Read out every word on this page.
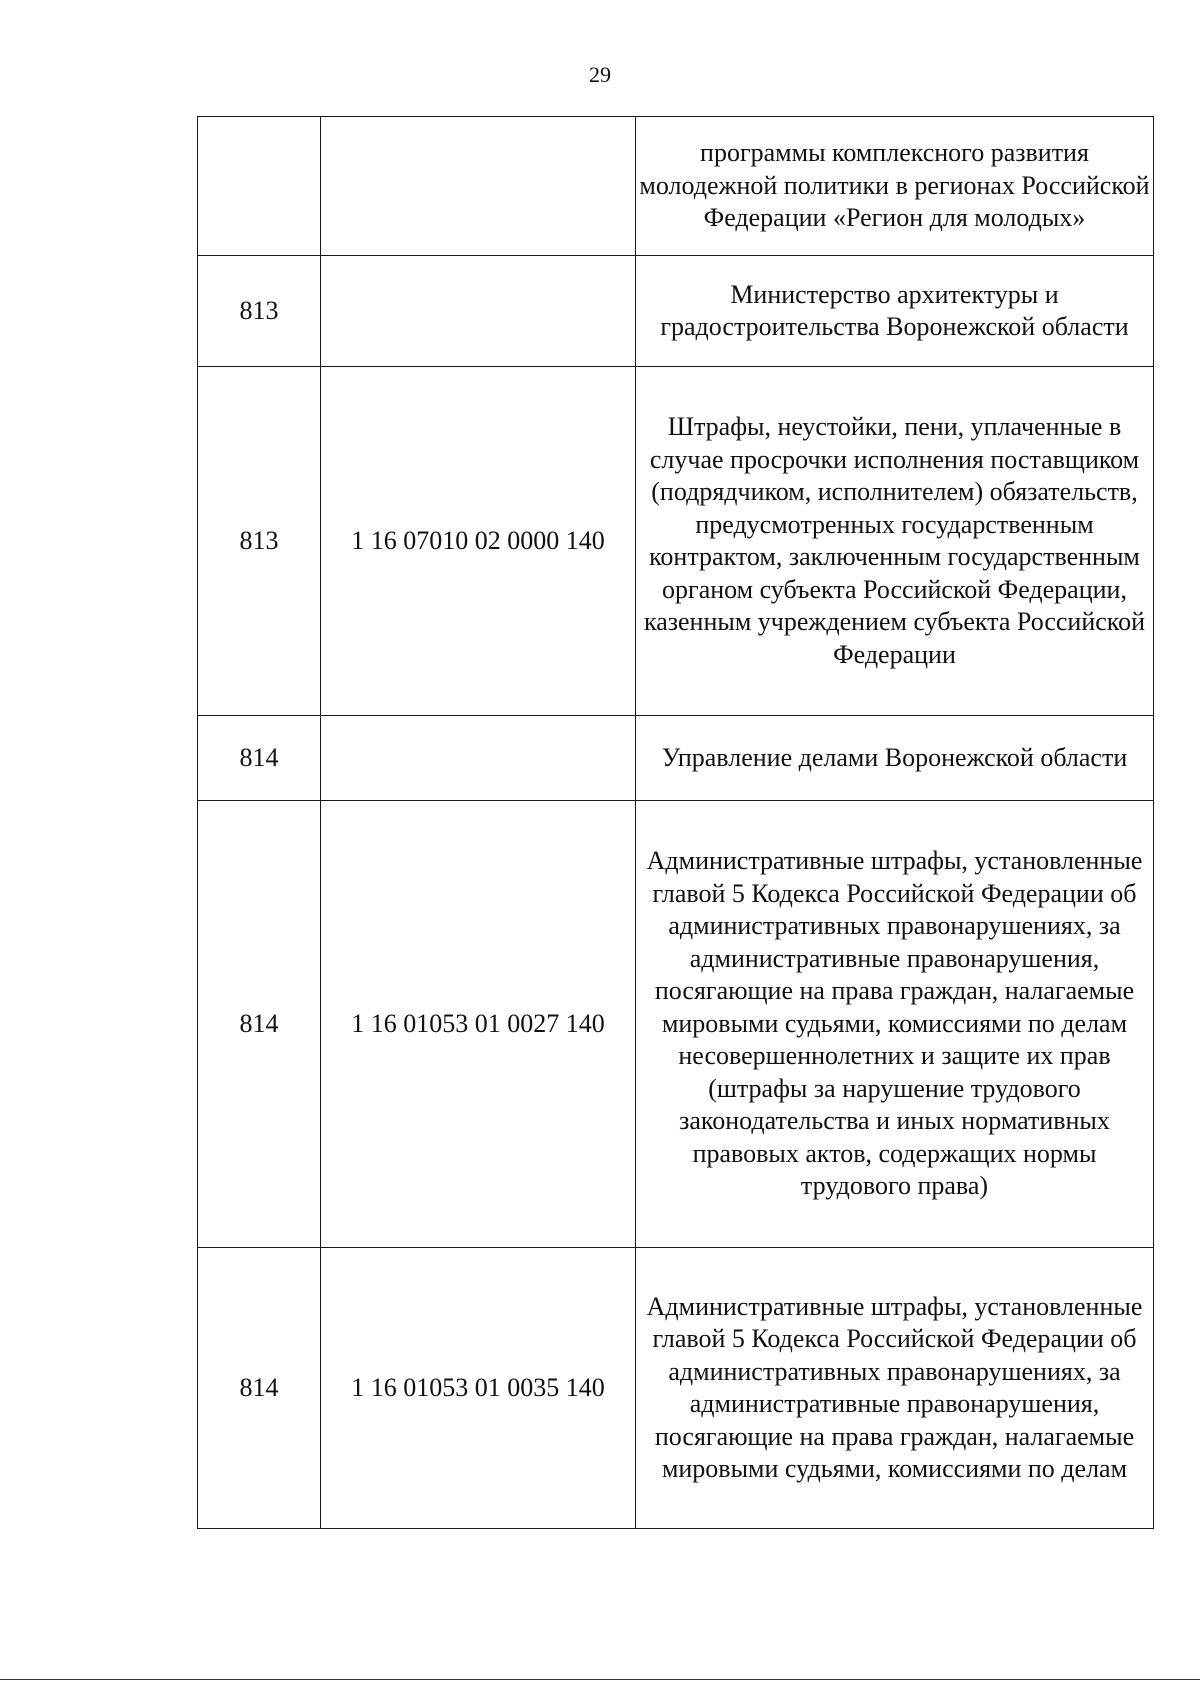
29
		программы комплексного развития молодежной политики в регионах Российской Федерации «Регион для молодых»
813		Министерство архитектуры и градостроительства Воронежской области
813	1 16 07010 02 0000 140	Штрафы, неустойки, пени, уплаченные в случае просрочки исполнения поставщиком (подрядчиком, исполнителем) обязательств, предусмотренных государственным контрактом, заключенным государственным органом субъекта Российской Федерации, казенным учреждением субъекта Российской Федерации
814		Управление делами Воронежской области
814	1 16 01053 01 0027 140	Административные штрафы, установленные главой 5 Кодекса Российской Федерации об административных правонарушениях, за административные правонарушения, посягающие на права граждан, налагаемые мировыми судьями, комиссиями по делам несовершеннолетних и защите их прав (штрафы за нарушение трудового законодательства и иных нормативных правовых актов, содержащих нормы трудового права)
814	1 16 01053 01 0035 140	Административные штрафы, установленные главой 5 Кодекса Российской Федерации об административных правонарушениях, за административные правонарушения, посягающие на права граждан, налагаемые мировыми судьями, комиссиями по делам
